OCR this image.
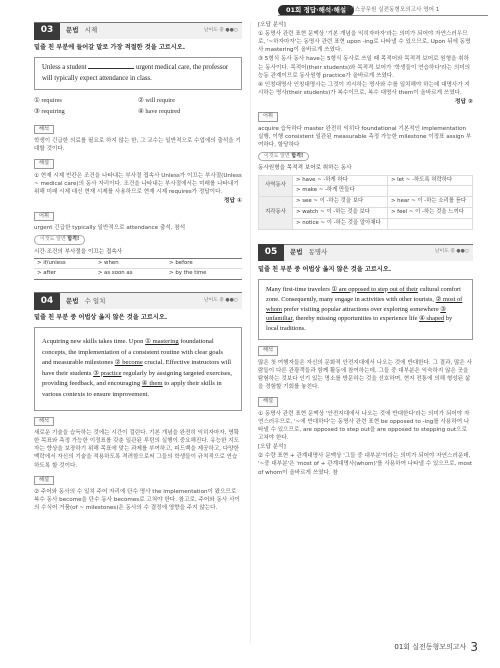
01회 정답·해석·해설
해커스공무원 실전동형모의고사 영어 1
03	문법 시제	난이도 중 ●●○
밑줄 친 부분에 들어갈 말로 가장 적절한 것을 고르시오.
Unless a student	urgent medical care, the professor will typically expect attendance in class.
① requires	② will require
③ requiring	④ have required
해석
학생이 긴급한 의료를 필요로 하지 않는 한, 그 교수는 일반적으로 수업에의 출석을 기대할 것이다.
해설
① 현재 시제 빈칸은 조건을 나타내는 부사절 접속사 Unless가 이끄는 부사절(Unless ~ medical care)의 동사 자리이다. 조건을 나타내는 부사절에서는 미래를 나타내기 위해 미래 시제 대신 현재 시제를 사용하므로 현재 시제 requires가 정답이다.
정답 ①
어휘
urgent 긴급한 typically 일반적으로 attendance 출석, 참석
이것도 알면 합격!
시간·조건의 부사절을 이끄는 접속사
> if/unless	> when	> before
> after	> as soon as	> by the time
04	문법 수 일치	난이도 중 ●●○
밑줄 친 부분 중 어법상 옳지 않은 것을 고르시오.
Acquiring new skills takes time. Upon ① mastering foundational concepts, the implementation of a consistent routine with clear goals and measurable milestones ② become crucial. Effective instructors will have their students ③ practice regularly by assigning targeted exercises, providing feedback, and encouraging ④ them to apply their skills in various contexts to ensure improvement.
해석
새로운 기술을 습득하는 것에는 시간이 걸린다. 기본 개념을 완전히 익히자마자, 명확한 목표와 측정 가능한 이정표를 갖춘 일관된 루틴의 실행이 중요해진다. 유능한 지도자는 향상을 보장하기 위해 목표에 맞는 과제를 부여하고, 피드백을 제공하고, 다양한 맥락에서 자신의 기술을 적용하도록 격려함으로써 그들의 학생들이 규칙적으로 연습하도록 할 것이다.
해설
② 주어와 동사의 수 일치 주어 자리에 단수 명사 the implementation이 왔으므로 복수 동사 become을 단수 동사 becomes로 고쳐야 한다. 참고로, 주어와 동사 사이의 수식어 거품(of ~ milestones)은 동사의 수 결정에 영향을 주지 않는다.
[오답 분석]
① 동명사 관련 표현 문맥상 '기본 개념을 익히자마자'라는 의미가 되어야 자연스러우므로, '~하자마자'는 동명사 관련 표현 upon -ing로 나타낼 수 있으므로, Upon 뒤에 동명사 mastering이 올바르게 쓰였다.
③ 5형식 동사 동사 have는 5형식 동사로 쓰일 때 목적어와 목적격 보어로 원형을 취하는 동사이다. 목적어(their students)와 목적격 보어가 '학생들이 연습하다'라는 의미의 능동 관계이므로 동사원형 practice가 올바르게 쓰였다.
④ 인칭대명사 인칭대명사는 그것이 지시하는 명사와 수를 일치해야 하는데 대명사가 지시하는 명사(their students)가 복수이므로, 복수 대명사 them이 올바르게 쓰였다.
정답 ②
어휘
acquire 습득하다 master 완전히 익히다 foundational 기본적인 implementation 실행, 이행 consistent 일관된 measurable 측정 가능한 milestone 이정표 assign 부여하다, 할당하다
이것도 알면 합격!
동사원형을 목적격 보어로 취하는 동사
사역동사	> have ~ -하게 하다	> let ~ -하도록 허락하다
	> make ~ -하게 만들다	
지각동사	> see ~ 이 -하는 것을 보다	> hear ~ 이 -하는 소리를 듣다
	> watch ~ 이 -하는 것을 보다	> feel ~ 이 -하는 것을 느끼다
	> notice ~ 이 -하는 것을 알아채다	
05	문법 동명사	난이도 중 ●●○
밑줄 친 부분 중 어법상 옳지 않은 것을 고르시오.
Many first-time travelers ① are opposed to step out of their cultural comfort zone. Consequently, many engage in activities with other tourists, ② most of whom prefer visiting popular attractions over exploring somewhere ③ unfamiliar, thereby missing opportunities to experience life ④ shaped by local traditions.
해석
많은 첫 여행자들은 자신의 문화적 안전지대에서 나오는 것에 반대한다. 그 결과, 많은 사람들이 다른 관광객들과 함께 활동에 참여하는데, 그들 중 대부분은 익숙하지 않은 곳을 탐험하는 것보다 인기 있는 명소를 방문하는 것을 선호하며, 현지 전통에 의해 형성된 삶을 경험할 기회를 놓친다.
해설
① 동명사 관련 표현 문맥상 '안전지대에서 나오는 것에 반대한다'라는 의미가 되어야 자연스러우므로, '~에 반대하다'는 동명사 관련 표현 be opposed to -ing를 사용하여 나타낼 수 있으므로, are opposed to step out을 are opposed to stepping out으로 고쳐야 한다.
[오답 분석]
② 수량 표현 + 관계대명사 문맥상 '그들 중 대부분'이라는 의미가 되어야 자연스러운데, '~중 대부분'은 'most of + 관계대명사(whom)'를 사용하여 나타낼 수 있으므로, most of whom이 올바르게 쓰였다. 참
01회 실전동형모의고사 3
